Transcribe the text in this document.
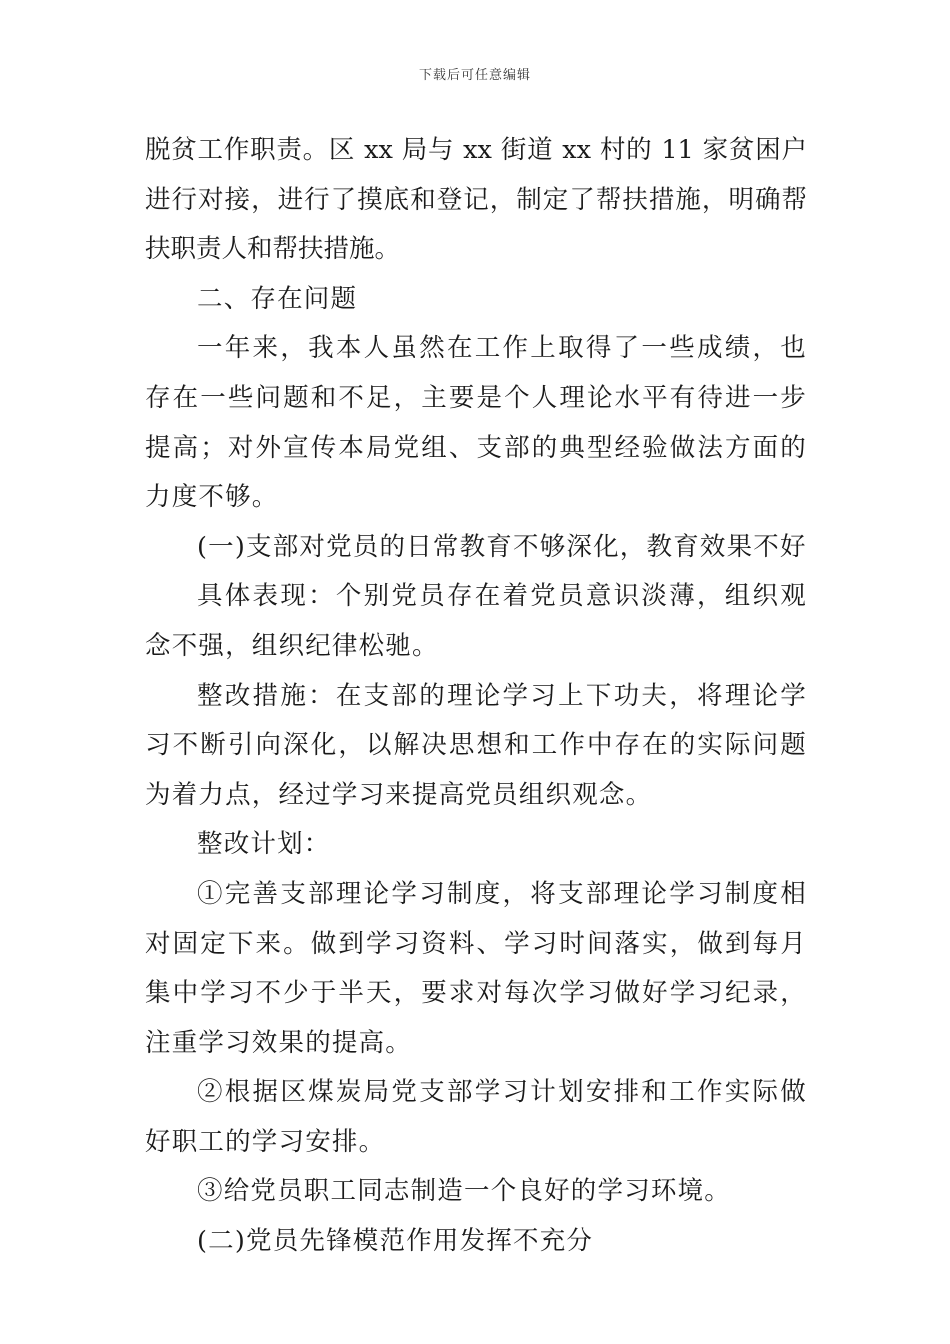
下载后可任意编辑

脱贫工作职责。区 xx 局与 xx 街道 xx 村的 11 家贫困户进行对接，进行了摸底和登记，制定了帮扶措施，明确帮扶职责人和帮扶措施。

二、存在问题

一年来，我本人虽然在工作上取得了一些成绩，也存在一些问题和不足，主要是个人理论水平有待进一步提高；对外宣传本局党组、支部的典型经验做法方面的力度不够。

(一)支部对党员的日常教育不够深化，教育效果不好

具体表现：个别党员存在着党员意识淡薄，组织观念不强，组织纪律松驰。

整改措施：在支部的理论学习上下功夫，将理论学习不断引向深化，以解决思想和工作中存在的实际问题为着力点，经过学习来提高党员组织观念。

整改计划：

①完善支部理论学习制度，将支部理论学习制度相对固定下来。做到学习资料、学习时间落实，做到每月集中学习不少于半天，要求对每次学习做好学习纪录，注重学习效果的提高。

②根据区煤炭局党支部学习计划安排和工作实际做好职工的学习安排。

③给党员职工同志制造一个良好的学习环境。

(二)党员先锋模范作用发挥不充分
